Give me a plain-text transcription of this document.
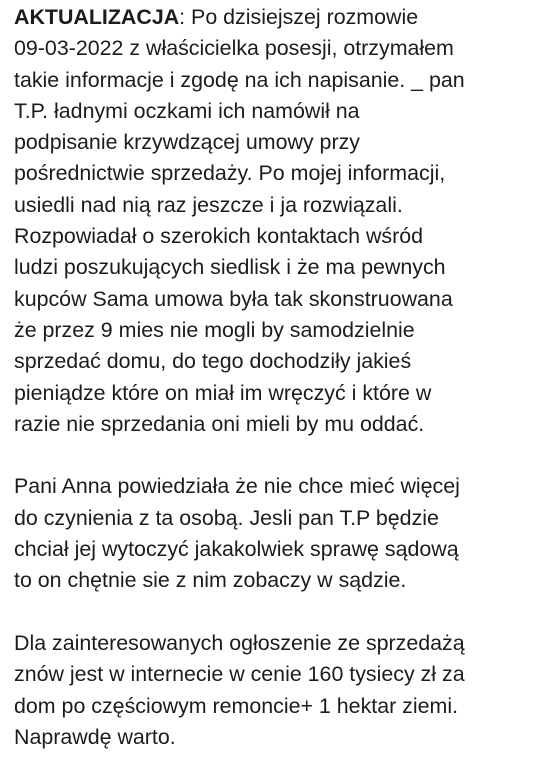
AKTUALIZACJA: Po dzisiejszej rozmowie
09-03-2022 z właścicielka posesji, otrzymałem
takie informacje i zgodę na ich napisanie. _ pan
T.P. ładnymi oczkami ich namówił na
podpisanie krzywdzącej umowy przy
pośrednictwie sprzedaży. Po mojej informacji,
usiedli nad nią raz jeszcze i ja rozwiązali.
Rozpowiadał o szerokich kontaktach wśród
ludzi poszukujących siedlisk i że ma pewnych
kupców Sama umowa była tak skonstruowana
że przez 9 mies nie mogli by samodzielnie
sprzedać domu, do tego dochodziły jakieś
pieniądze które on miał im wręczyć i które w
razie nie sprzedania oni mieli by mu oddać.

Pani Anna powiedziała że nie chce mieć więcej
do czynienia z ta osobą. Jesli pan T.P będzie
chciał jej wytoczyć jakakolwiek sprawę sądową
to on chętnie sie z nim zobaczy w sądzie.

Dla zainteresowanych ogłoszenie ze sprzedażą
znów jest w internecie w cenie 160 tysiecy zł za
dom po częściowym remoncie+ 1 hektar ziemi.
Naprawdę warto.
